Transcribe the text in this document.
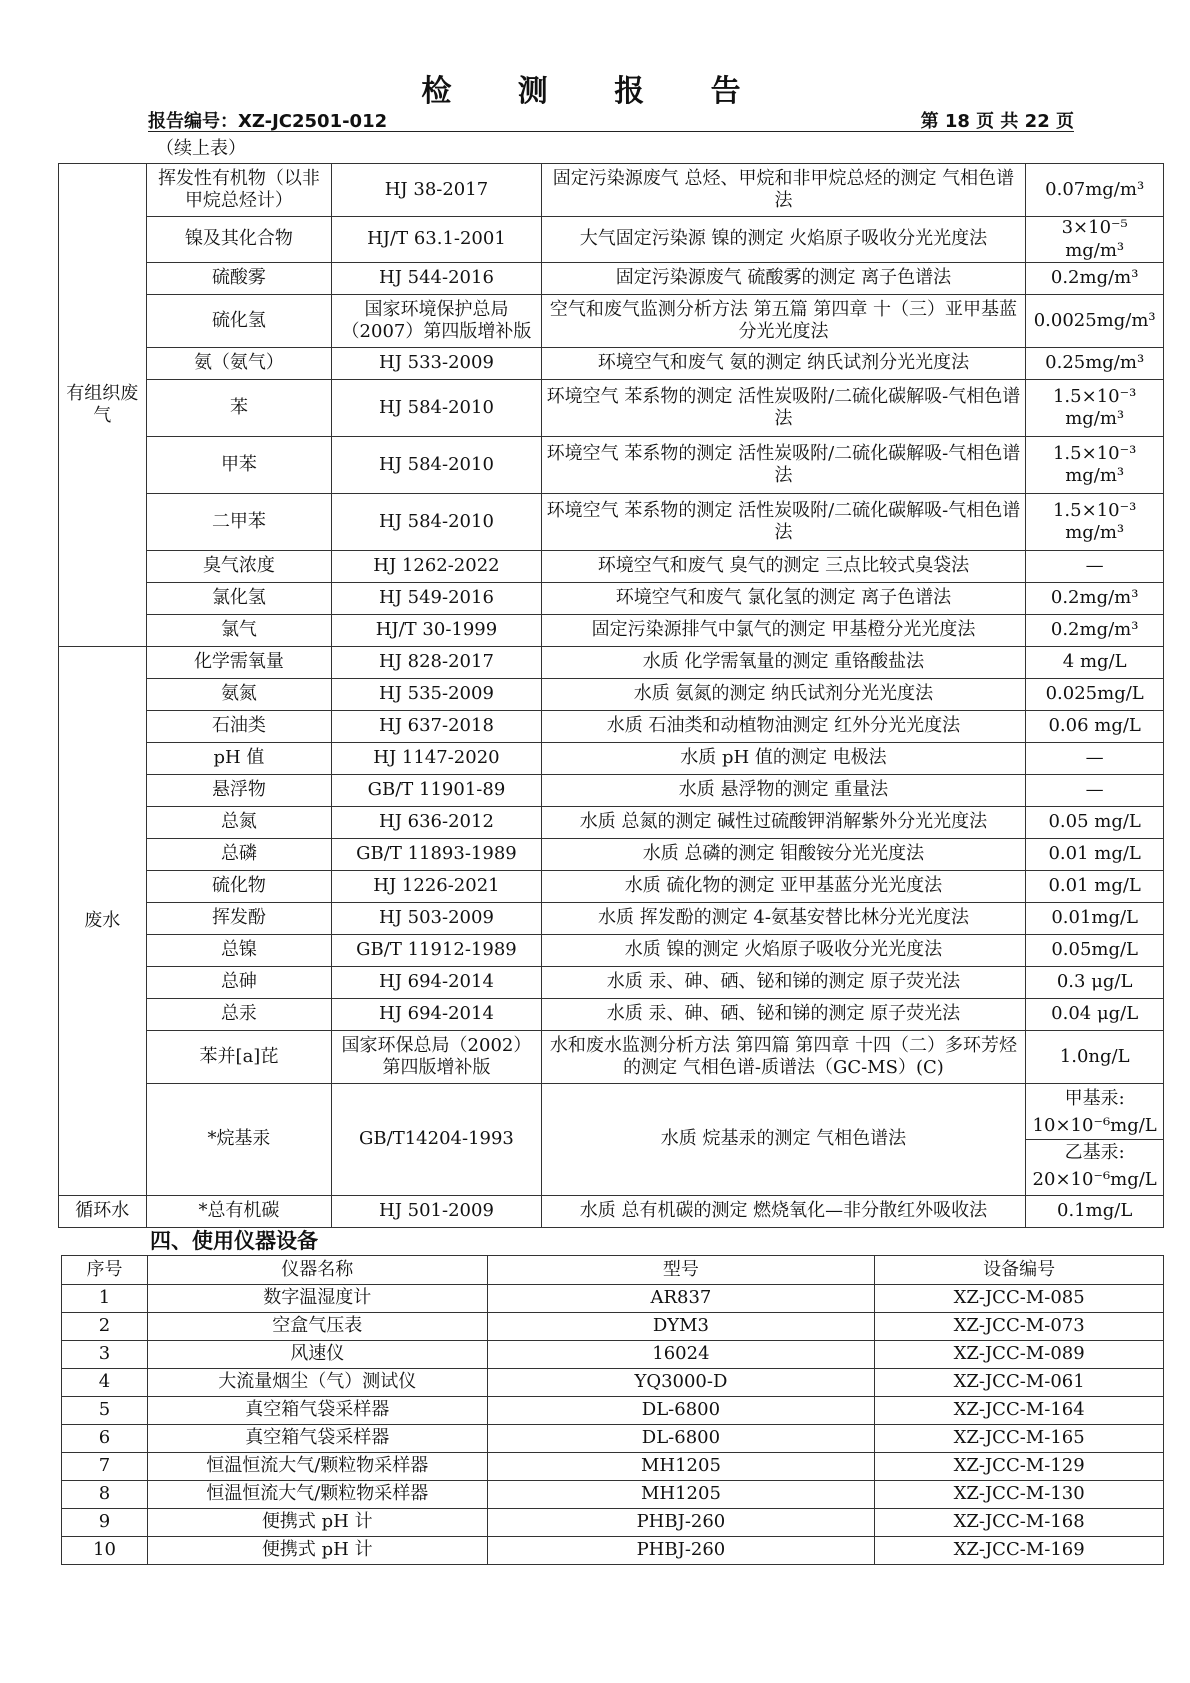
检 测 报 告
报告编号：XZ-JC2501-012	第 18 页 共 22 页
（续上表）
有组织废气	挥发性有机物（以非甲烷总烃计）	HJ 38-2017	固定污染源废气 总烃、甲烷和非甲烷总烃的测定 气相色谱法	0.07mg/m³
	镍及其化合物	HJ/T 63.1-2001	大气固定污染源 镍的测定 火焰原子吸收分光光度法	3×10⁻⁵ mg/m³
	硫酸雾	HJ 544-2016	固定污染源废气 硫酸雾的测定 离子色谱法	0.2mg/m³
	硫化氢	国家环境保护总局（2007）第四版增补版	空气和废气监测分析方法 第五篇 第四章 十（三）亚甲基蓝分光光度法	0.0025mg/m³
	氨（氨气）	HJ 533-2009	环境空气和废气 氨的测定 纳氏试剂分光光度法	0.25mg/m³
	苯	HJ 584-2010	环境空气 苯系物的测定 活性炭吸附/二硫化碳解吸-气相色谱法	1.5×10⁻³ mg/m³
	甲苯	HJ 584-2010	环境空气 苯系物的测定 活性炭吸附/二硫化碳解吸-气相色谱法	1.5×10⁻³ mg/m³
	二甲苯	HJ 584-2010	环境空气 苯系物的测定 活性炭吸附/二硫化碳解吸-气相色谱法	1.5×10⁻³ mg/m³
	臭气浓度	HJ 1262-2022	环境空气和废气 臭气的测定 三点比较式臭袋法	—
	氯化氢	HJ 549-2016	环境空气和废气 氯化氢的测定 离子色谱法	0.2mg/m³
	氯气	HJ/T 30-1999	固定污染源排气中氯气的测定 甲基橙分光光度法	0.2mg/m³
废水	化学需氧量	HJ 828-2017	水质 化学需氧量的测定 重铬酸盐法	4 mg/L
	氨氮	HJ 535-2009	水质 氨氮的测定 纳氏试剂分光光度法	0.025mg/L
	石油类	HJ 637-2018	水质 石油类和动植物油测定 红外分光光度法	0.06 mg/L
	pH 值	HJ 1147-2020	水质 pH 值的测定 电极法	—
	悬浮物	GB/T 11901-89	水质 悬浮物的测定 重量法	—
	总氮	HJ 636-2012	水质 总氮的测定 碱性过硫酸钾消解紫外分光光度法	0.05 mg/L
	总磷	GB/T 11893-1989	水质 总磷的测定 钼酸铵分光光度法	0.01 mg/L
	硫化物	HJ 1226-2021	水质 硫化物的测定 亚甲基蓝分光光度法	0.01 mg/L
	挥发酚	HJ 503-2009	水质 挥发酚的测定 4-氨基安替比林分光光度法	0.01mg/L
	总镍	GB/T 11912-1989	水质 镍的测定 火焰原子吸收分光光度法	0.05mg/L
	总砷	HJ 694-2014	水质 汞、砷、硒、铋和锑的测定 原子荧光法	0.3 μg/L
	总汞	HJ 694-2014	水质 汞、砷、硒、铋和锑的测定 原子荧光法	0.04 μg/L
	苯并[a]芘	国家环保总局（2002）第四版增补版	水和废水监测分析方法 第四篇 第四章 十四（二）多环芳烃的测定 气相色谱-质谱法（GC-MS）(C)	1.0ng/L
	*烷基汞	GB/T14204-1993	水质 烷基汞的测定 气相色谱法	甲基汞:
10×10⁻⁶mg/L
乙基汞:
20×10⁻⁶mg/L

循环水	*总有机碳	HJ 501-2009	水质 总有机碳的测定 燃烧氧化—非分散红外吸收法	0.1mg/L
四、使用仪器设备
序号	仪器名称	型号	设备编号
1	数字温湿度计	AR837	XZ-JCC-M-085
2	空盒气压表	DYM3	XZ-JCC-M-073
3	风速仪	16024	XZ-JCC-M-089
4	大流量烟尘（气）测试仪	YQ3000-D	XZ-JCC-M-061
5	真空箱气袋采样器	DL-6800	XZ-JCC-M-164
6	真空箱气袋采样器	DL-6800	XZ-JCC-M-165
7	恒温恒流大气/颗粒物采样器	MH1205	XZ-JCC-M-129
8	恒温恒流大气/颗粒物采样器	MH1205	XZ-JCC-M-130
9	便携式 pH 计	PHBJ-260	XZ-JCC-M-168
10	便携式 pH 计	PHBJ-260	XZ-JCC-M-169
